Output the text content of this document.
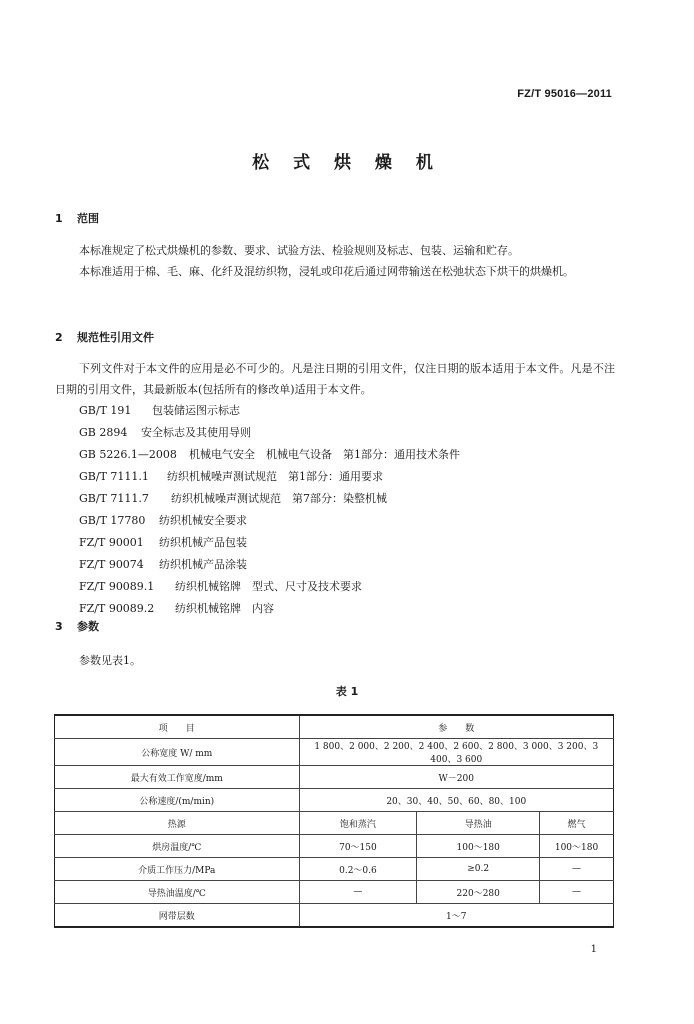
FZ/T 95016—2011
松 式 烘 燥 机
1 范围

本标准规定了松式烘燥机的参数、要求、试验方法、检验规则及标志、包装、运输和贮存。

本标准适用于棉、毛、麻、化纤及混纺织物，浸轧或印花后通过网带输送在松弛状态下烘干的烘燥机。

2 规范性引用文件

下列文件对于本文件的应用是必不可少的。凡是注日期的引用文件，仅注日期的版本适用于本文件。凡是不注日期的引用文件，其最新版本(包括所有的修改单)适用于本文件。

GB/T 191 包装储运图示标志
GB 2894 安全标志及其使用导则
GB 5226.1—2008 机械电气安全　机械电气设备　第1部分：通用技术条件
GB/T 7111.1 纺织机械噪声测试规范　第1部分：通用要求
GB/T 7111.7 纺织机械噪声测试规范　第7部分：染整机械
GB/T 17780 纺织机械安全要求
FZ/T 90001 纺织机械产品包装
FZ/T 90074 纺织机械产品涂装
FZ/T 90089.1 纺织机械铭牌　型式、尺寸及技术要求
FZ/T 90089.2 纺织机械铭牌　内容
3 参数

参数见表1。

表 1
项　　目	参　　数		
公称宽度 W/ mm	1 800、2 000、2 200、2 400、2 600、2 800、3 000、3 200、3 400、3 600		
最大有效工作宽度/mm	W－200		
公称速度/(m/min)	20、30、40、50、60、80、100		
热源	饱和蒸汽	导热油	燃气
烘房温度/℃	70～150	100～180	100～180
介质工作压力/MPa	0.2～0.6	≥0.2	—
导热油温度/℃	—	220～280	—
网带层数	1～7		
1
